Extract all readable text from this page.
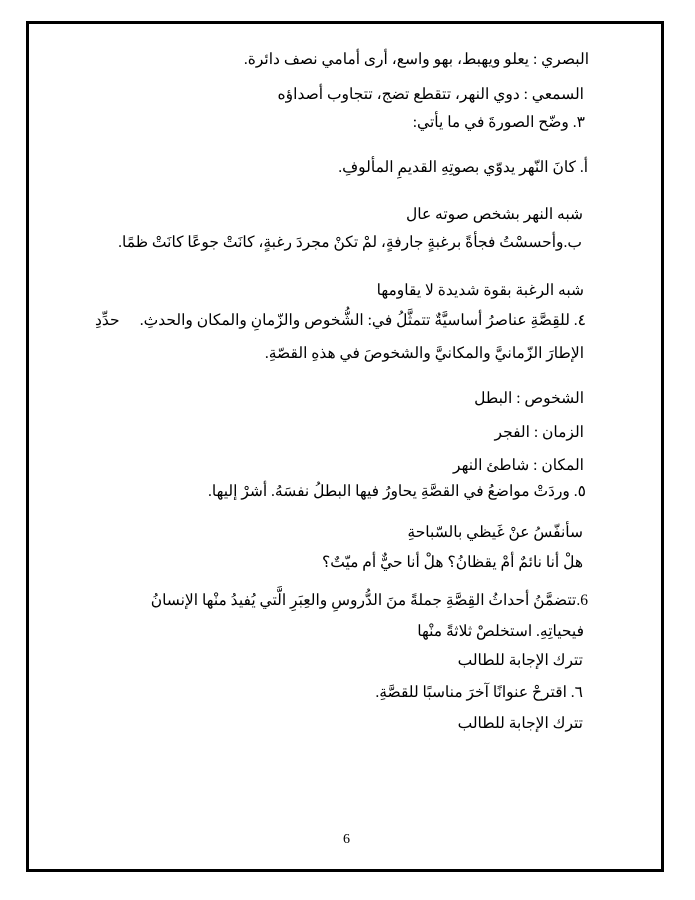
البصري : يعلو ويهبط، بهو واسع، أرى أمامي نصف دائرة.
السمعي : دوي النهر، تتقطع تضج، تتجاوب أصداؤه
٣. وضّح الصورةَ في ما يأتي:
أ. كانَ النّهر يدوّي بصوتِهِ القديمِ المألوفِ.
شبه النهر بشخص صوته عال
ب.وأحسسْتُ فجأةً برغبةٍ جارفةٍ، لمْ تكنْ مجردَ رغبةٍ، كانَتْ جوعًا كانَتْ ظمًا.
شبه الرغبة بقوة شديدة لا يقاومها
٤. للقِصَّةِ عناصرُ أساسيَّةٌ تتمثَّلُ في: الشُّخوص والزّمانِ والمكان والحدثِ.
حدِّدِ
الإطارَ الزّمانيَّ والمكانيَّ والشخوصَ في هذهِ القصّةِ.
الشخوص : البطل
الزمان : الفجر
المكان : شاطئ النهر
٥. وردَتْ مواضعُ في القصَّةِ يحاورُ فيها البطلُ نفسَهُ. أشرْ إليها.
سأنفّسُ عنْ غَيظي بالسّباحةِ
هلْ أنا نائمٌ أمْ يقظانُ؟ هلْ أنا حيٌّ أم ميّتٌ؟
6.تتضمَّنُ أحداثُ القِصَّةِ جملةً منَ الدُّروسِ والعِبَرِ الَّتي يُفيدُ منْها الإنسانُ
فيحياتِهِ. استخلصْ ثلاثةً منْها
تترك الإجابة للطالب
٦. اقترحْ عنوانًا آخرَ مناسبًا للقصَّةِ.
تترك الإجابة للطالب
6
